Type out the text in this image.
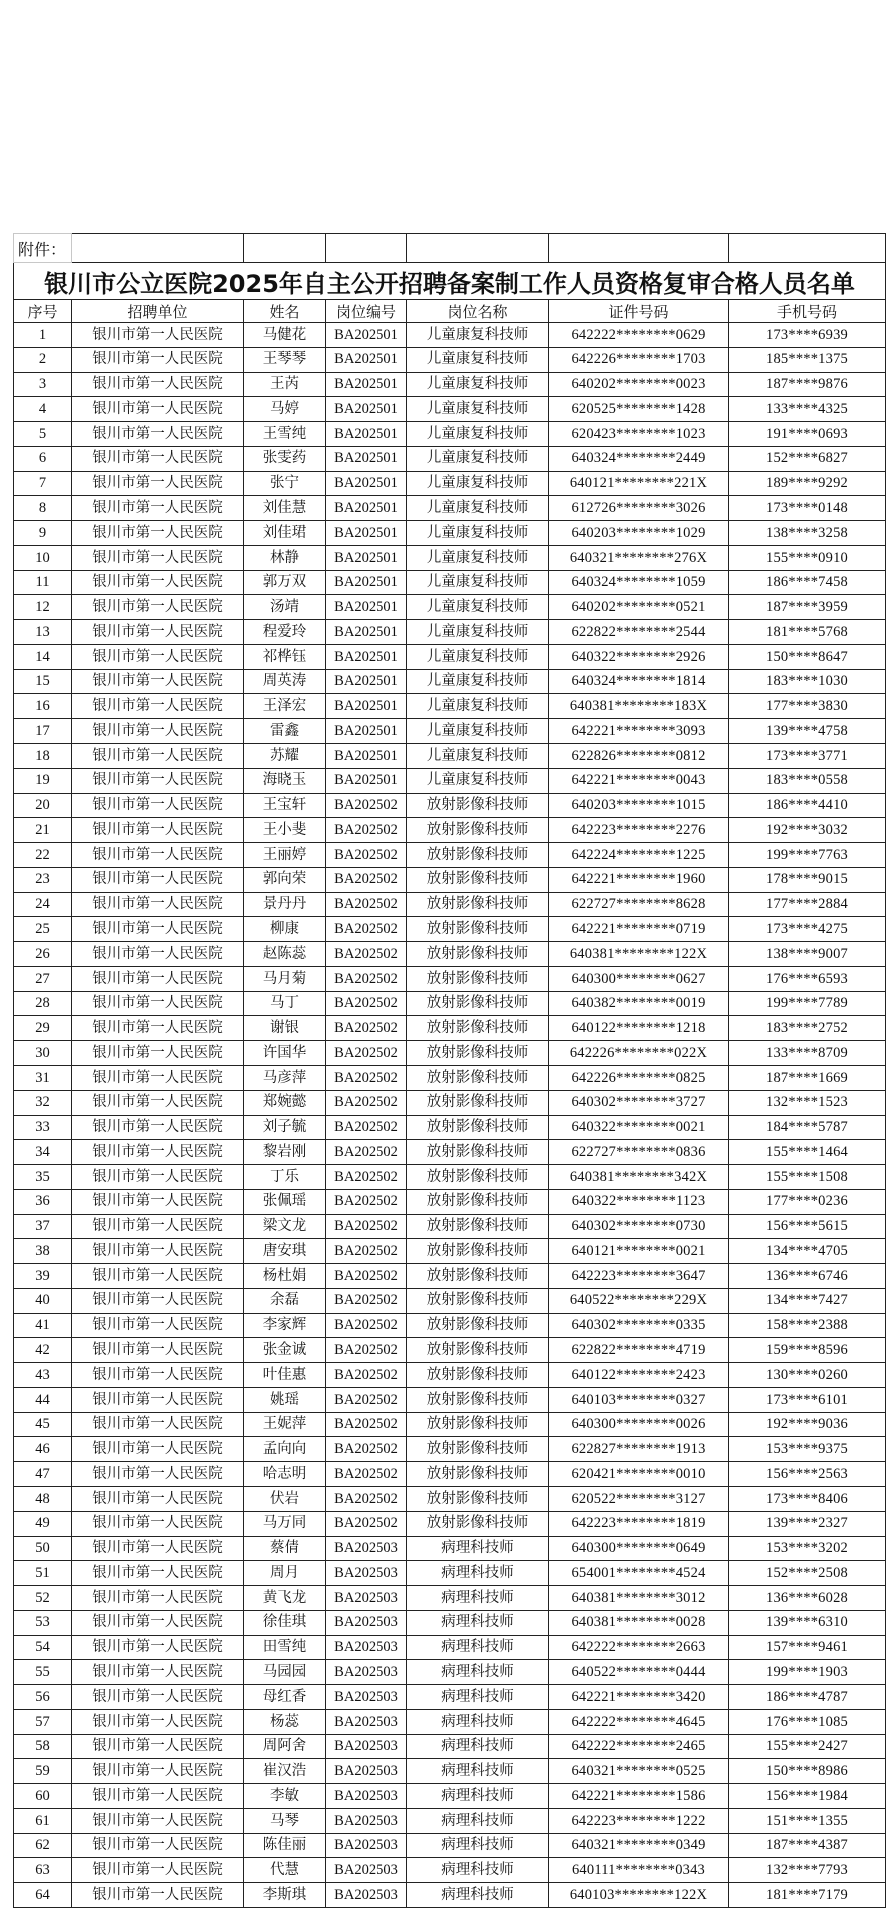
附件：						
银川市公立医院2025年自主公开招聘备案制工作人员资格复审合格人员名单						
序号	招聘单位	姓名	岗位编号	岗位名称	证件号码	手机号码
1	银川市第一人民医院	马健花	BA202501	儿童康复科技师	642222********0629	173****6939
2	银川市第一人民医院	王琴琴	BA202501	儿童康复科技师	642226********1703	185****1375
3	银川市第一人民医院	王芮	BA202501	儿童康复科技师	640202********0023	187****9876
4	银川市第一人民医院	马婷	BA202501	儿童康复科技师	620525********1428	133****4325
5	银川市第一人民医院	王雪纯	BA202501	儿童康复科技师	620423********1023	191****0693
6	银川市第一人民医院	张雯药	BA202501	儿童康复科技师	640324********2449	152****6827
7	银川市第一人民医院	张宁	BA202501	儿童康复科技师	640121********221X	189****9292
8	银川市第一人民医院	刘佳慧	BA202501	儿童康复科技师	612726********3026	173****0148
9	银川市第一人民医院	刘佳珺	BA202501	儿童康复科技师	640203********1029	138****3258
10	银川市第一人民医院	林静	BA202501	儿童康复科技师	640321********276X	155****0910
11	银川市第一人民医院	郭万双	BA202501	儿童康复科技师	640324********1059	186****7458
12	银川市第一人民医院	汤靖	BA202501	儿童康复科技师	640202********0521	187****3959
13	银川市第一人民医院	程爱玲	BA202501	儿童康复科技师	622822********2544	181****5768
14	银川市第一人民医院	祁桦钰	BA202501	儿童康复科技师	640322********2926	150****8647
15	银川市第一人民医院	周英涛	BA202501	儿童康复科技师	640324********1814	183****1030
16	银川市第一人民医院	王泽宏	BA202501	儿童康复科技师	640381********183X	177****3830
17	银川市第一人民医院	雷鑫	BA202501	儿童康复科技师	642221********3093	139****4758
18	银川市第一人民医院	苏耀	BA202501	儿童康复科技师	622826********0812	173****3771
19	银川市第一人民医院	海晓玉	BA202501	儿童康复科技师	642221********0043	183****0558
20	银川市第一人民医院	王宝轩	BA202502	放射影像科技师	640203********1015	186****4410
21	银川市第一人民医院	王小斐	BA202502	放射影像科技师	642223********2276	192****3032
22	银川市第一人民医院	王丽婷	BA202502	放射影像科技师	642224********1225	199****7763
23	银川市第一人民医院	郭向荣	BA202502	放射影像科技师	642221********1960	178****9015
24	银川市第一人民医院	景丹丹	BA202502	放射影像科技师	622727********8628	177****2884
25	银川市第一人民医院	柳康	BA202502	放射影像科技师	642221********0719	173****4275
26	银川市第一人民医院	赵陈蕊	BA202502	放射影像科技师	640381********122X	138****9007
27	银川市第一人民医院	马月菊	BA202502	放射影像科技师	640300********0627	176****6593
28	银川市第一人民医院	马丁	BA202502	放射影像科技师	640382********0019	199****7789
29	银川市第一人民医院	谢银	BA202502	放射影像科技师	640122********1218	183****2752
30	银川市第一人民医院	许国华	BA202502	放射影像科技师	642226********022X	133****8709
31	银川市第一人民医院	马彦萍	BA202502	放射影像科技师	642226********0825	187****1669
32	银川市第一人民医院	郑婉懿	BA202502	放射影像科技师	640302********3727	132****1523
33	银川市第一人民医院	刘子毓	BA202502	放射影像科技师	640322********0021	184****5787
34	银川市第一人民医院	黎岩刚	BA202502	放射影像科技师	622727********0836	155****1464
35	银川市第一人民医院	丁乐	BA202502	放射影像科技师	640381********342X	155****1508
36	银川市第一人民医院	张佩瑶	BA202502	放射影像科技师	640322********1123	177****0236
37	银川市第一人民医院	梁文龙	BA202502	放射影像科技师	640302********0730	156****5615
38	银川市第一人民医院	唐安琪	BA202502	放射影像科技师	640121********0021	134****4705
39	银川市第一人民医院	杨杜娟	BA202502	放射影像科技师	642223********3647	136****6746
40	银川市第一人民医院	余磊	BA202502	放射影像科技师	640522********229X	134****7427
41	银川市第一人民医院	李家辉	BA202502	放射影像科技师	640302********0335	158****2388
42	银川市第一人民医院	张金诚	BA202502	放射影像科技师	622822********4719	159****8596
43	银川市第一人民医院	叶佳惠	BA202502	放射影像科技师	640122********2423	130****0260
44	银川市第一人民医院	姚瑶	BA202502	放射影像科技师	640103********0327	173****6101
45	银川市第一人民医院	王妮萍	BA202502	放射影像科技师	640300********0026	192****9036
46	银川市第一人民医院	孟向向	BA202502	放射影像科技师	622827********1913	153****9375
47	银川市第一人民医院	哈志明	BA202502	放射影像科技师	620421********0010	156****2563
48	银川市第一人民医院	伏岩	BA202502	放射影像科技师	620522********3127	173****8406
49	银川市第一人民医院	马万同	BA202502	放射影像科技师	642223********1819	139****2327
50	银川市第一人民医院	蔡倩	BA202503	病理科技师	640300********0649	153****3202
51	银川市第一人民医院	周月	BA202503	病理科技师	654001********4524	152****2508
52	银川市第一人民医院	黄飞龙	BA202503	病理科技师	640381********3012	136****6028
53	银川市第一人民医院	徐佳琪	BA202503	病理科技师	640381********0028	139****6310
54	银川市第一人民医院	田雪纯	BA202503	病理科技师	642222********2663	157****9461
55	银川市第一人民医院	马园园	BA202503	病理科技师	640522********0444	199****1903
56	银川市第一人民医院	母红香	BA202503	病理科技师	642221********3420	186****4787
57	银川市第一人民医院	杨蕊	BA202503	病理科技师	642222********4645	176****1085
58	银川市第一人民医院	周阿舍	BA202503	病理科技师	642222********2465	155****2427
59	银川市第一人民医院	崔汉浩	BA202503	病理科技师	640321********0525	150****8986
60	银川市第一人民医院	李敏	BA202503	病理科技师	642221********1586	156****1984
61	银川市第一人民医院	马琴	BA202503	病理科技师	642223********1222	151****1355
62	银川市第一人民医院	陈佳丽	BA202503	病理科技师	640321********0349	187****4387
63	银川市第一人民医院	代慧	BA202503	病理科技师	640111********0343	132****7793
64	银川市第一人民医院	李斯琪	BA202503	病理科技师	640103********122X	181****7179
